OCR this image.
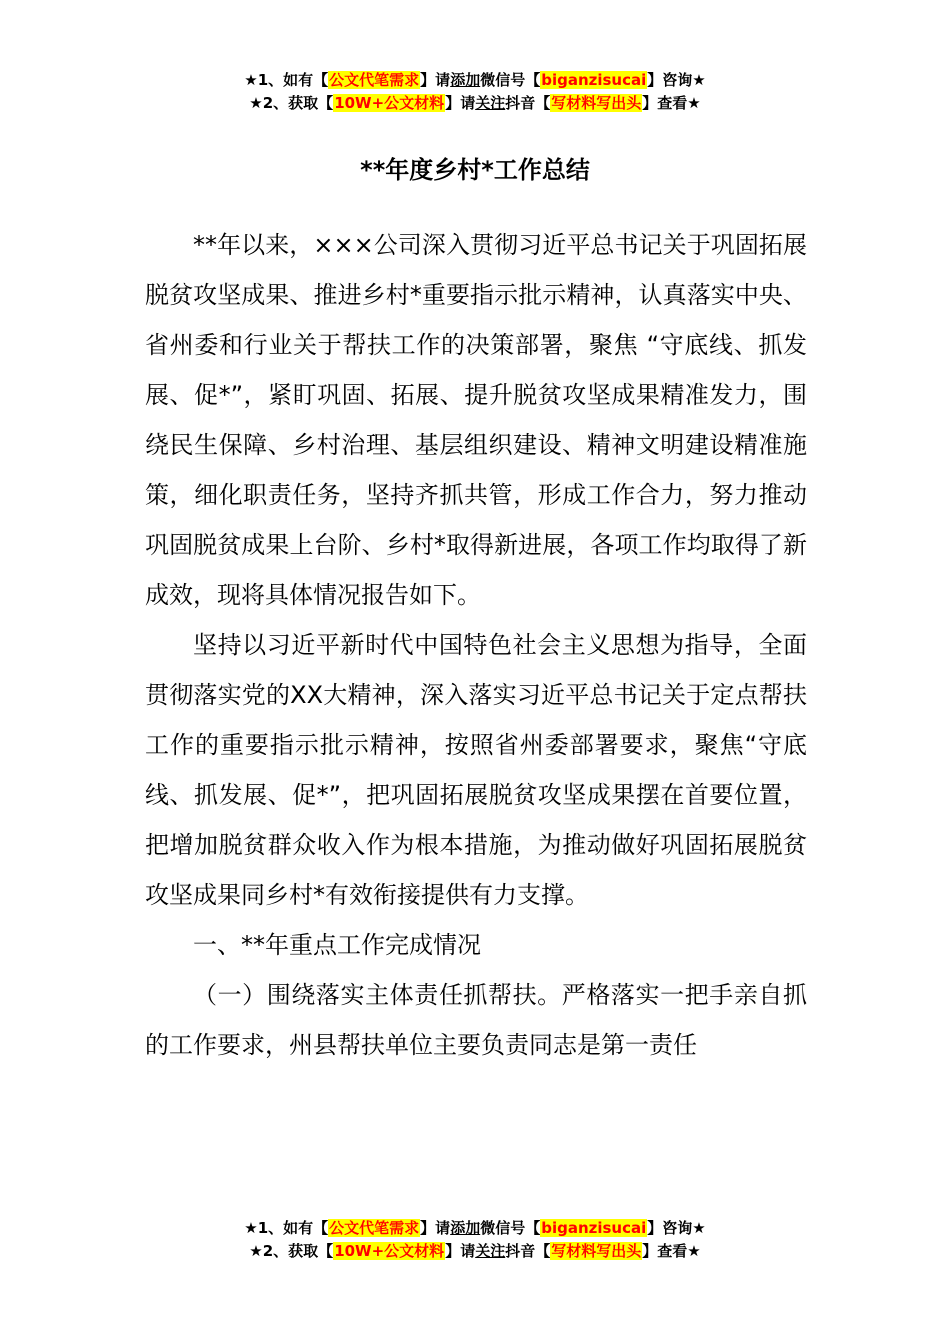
★1、如有【公文代笔需求】请添加微信号【biganzisucai】咨询★
★2、获取【10W+公文材料】请关注抖音【写材料写出头】查看★
**年度乡村*工作总结

**年以来，×××公司深入贯彻习近平总书记关于巩固拓展脱贫攻坚成果、推进乡村*重要指示批示精神，认真落实中央、省州委和行业关于帮扶工作的决策部署，聚焦 “守底线、抓发展、促*”，紧盯巩固、拓展、提升脱贫攻坚成果精准发力，围绕民生保障、乡村治理、基层组织建设、精神文明建设精准施策，细化职责任务，坚持齐抓共管，形成工作合力，努力推动巩固脱贫成果上台阶、乡村*取得新进展，各项工作均取得了新成效，现将具体情况报告如下。

坚持以习近平新时代中国特色社会主义思想为指导，全面贯彻落实党的XX大精神，深入落实习近平总书记关于定点帮扶工作的重要指示批示精神，按照省州委部署要求，聚焦“守底线、抓发展、促*”，把巩固拓展脱贫攻坚成果摆在首要位置，把增加脱贫群众收入作为根本措施，为推动做好巩固拓展脱贫攻坚成果同乡村*有效衔接提供有力支撑。

一、**年重点工作完成情况

（一）围绕落实主体责任抓帮扶。严格落实一把手亲自抓的工作要求，州县帮扶单位主要负责同志是第一责任

★1、如有【公文代笔需求】请添加微信号【biganzisucai】咨询★
★2、获取【10W+公文材料】请关注抖音【写材料写出头】查看★
